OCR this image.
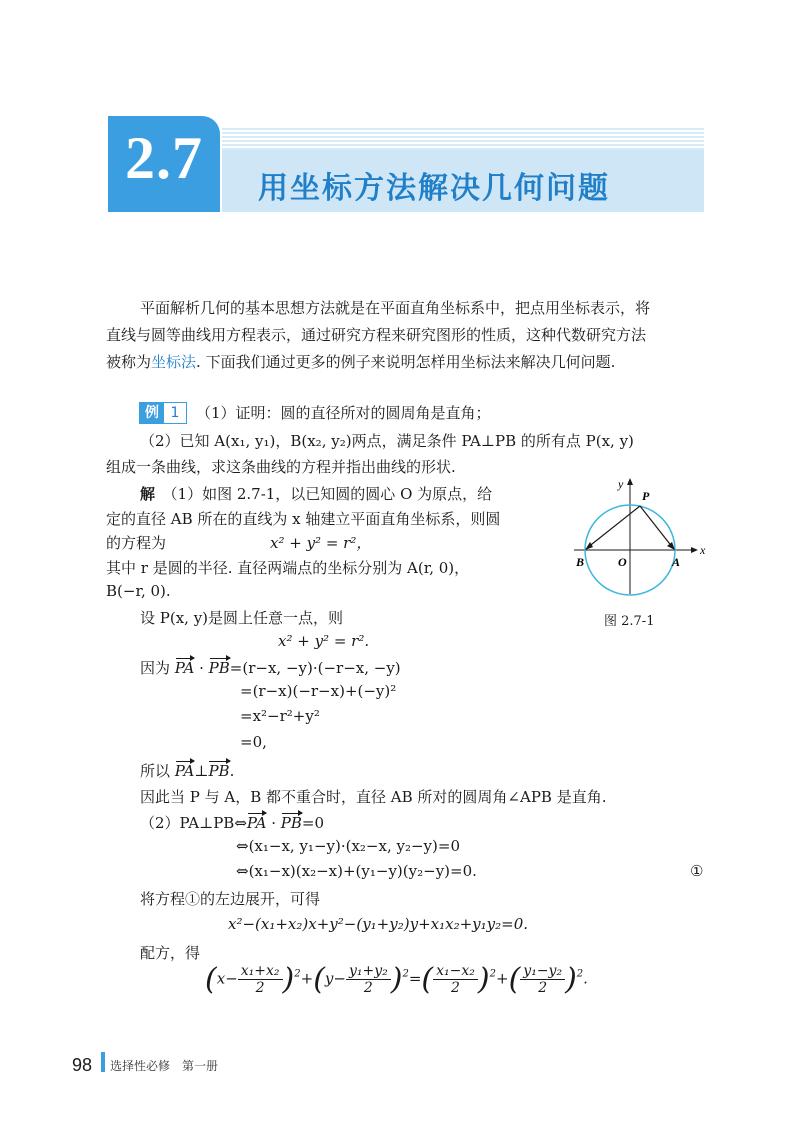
2.7	用坐标方法解决几何问题
平面解析几何的基本思想方法就是在平面直角坐标系中，把点用坐标表示，将
直线与圆等曲线用方程表示，通过研究方程来研究图形的性质，这种代数研究方法
被称为坐标法. 下面我们通过更多的例子来说明怎样用坐标法来解决几何问题.
例 1	（1）证明：圆的直径所对的圆周角是直角；
（2）已知 A(x₁, y₁)，B(x₂, y₂)两点，满足条件 PA⊥PB 的所有点 P(x, y)
组成一条曲线，求这条曲线的方程并指出曲线的形状.
解　 （1）如图 2.7-1，以已知圆的圆心 O 为原点，给
定的直径 AB 所在的直线为 x 轴建立平面直角坐标系，则圆
的方程为	x² + y² = r²，
其中 r 是圆的半径. 直径两端点的坐标分别为 A(r, 0)，
B(−r, 0).
设 P(x, y)是圆上任意一点，则
x² + y² = r².
y
x
P
A
B	O
图 2.7-1
因为 PA · PB=(r−x, −y)·(−r−x, −y)
=(r−x)(−r−x)+(−y)²
=x²−r²+y²
=0,
所以 PA⊥PB.
因此当 P 与 A，B 都不重合时，直径 AB 所对的圆周角∠APB 是直角.
（2）PA⊥PB⇔PA · PB=0
⇔(x₁−x, y₁−y)·(x₂−x, y₂−y)=0
⇔(x₁−x)(x₂−x)+(y₁−y)(y₂−y)=0.	①
将方程①的左边展开，可得
x²−(x₁+x₂)x+y²−(y₁+y₂)y+x₁x₂+y₁y₂=0.
配方，得
$(x- \frac{\text{x₁+x₂}}{2} )^2+(y- \frac{\text{y₁+y₂}}{2} )^2=( \frac{\text{x₁−x₂}}{2} )^2+( \frac{\text{y₁−y₂}}{2} )^2$.
98 选择性必修　第一册
